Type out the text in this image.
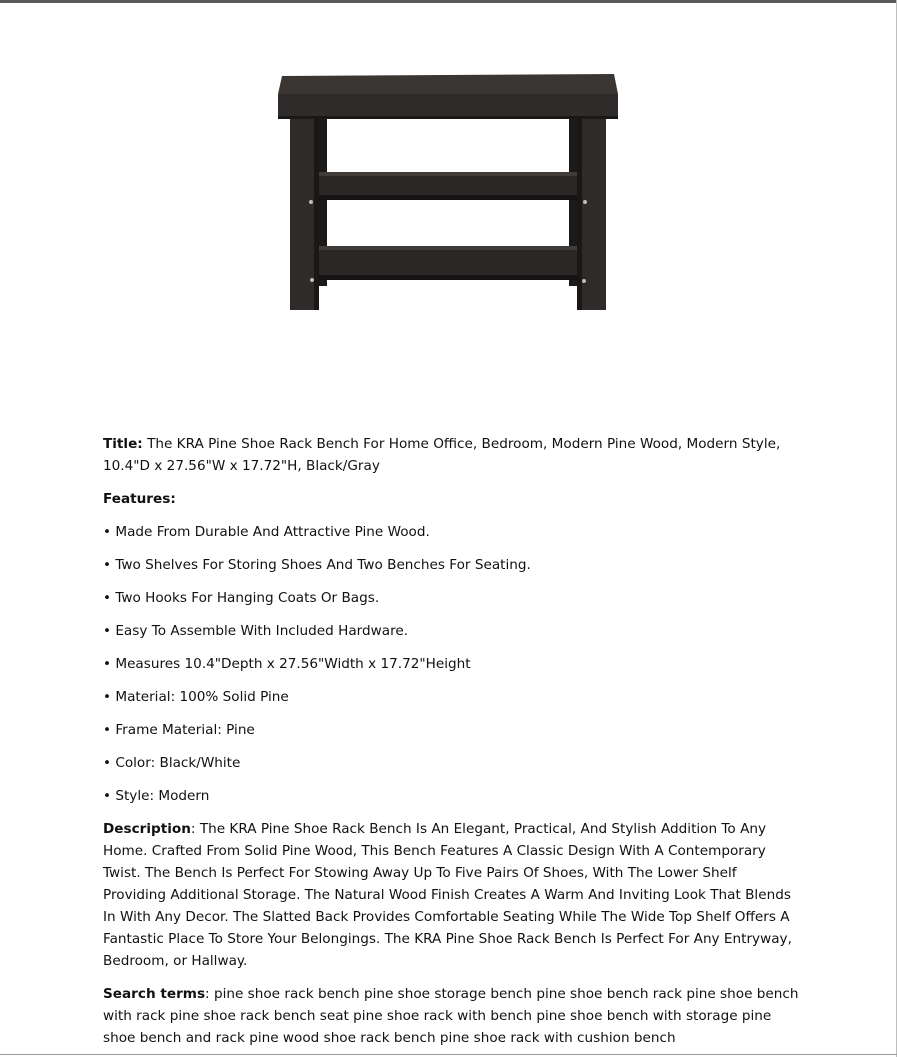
Title: The KRA Pine Shoe Rack Bench For Home Office, Bedroom, Modern Pine Wood, Modern Style, 10.4"D x 27.56"W x 17.72"H, Black/Gray

Features:

• Made From Durable And Attractive Pine Wood.

• Two Shelves For Storing Shoes And Two Benches For Seating.

• Two Hooks For Hanging Coats Or Bags.

• Easy To Assemble With Included Hardware.

• Measures 10.4"Depth x 27.56"Width x 17.72"Height

• Material: 100% Solid Pine

• Frame Material: Pine

• Color: Black/White

• Style: Modern

Description: The KRA Pine Shoe Rack Bench Is An Elegant, Practical, And Stylish Addition To Any Home. Crafted From Solid Pine Wood, This Bench Features A Classic Design With A Contemporary Twist. The Bench Is Perfect For Stowing Away Up To Five Pairs Of Shoes, With The Lower Shelf Providing Additional Storage. The Natural Wood Finish Creates A Warm And Inviting Look That Blends In With Any Decor. The Slatted Back Provides Comfortable Seating While The Wide Top Shelf Offers A Fantastic Place To Store Your Belongings. The KRA Pine Shoe Rack Bench Is Perfect For Any Entryway, Bedroom, or Hallway.

Search terms: pine shoe rack bench pine shoe storage bench pine shoe bench rack pine shoe bench with rack pine shoe rack bench seat pine shoe rack with bench pine shoe bench with storage pine shoe bench and rack pine wood shoe rack bench pine shoe rack with cushion bench
